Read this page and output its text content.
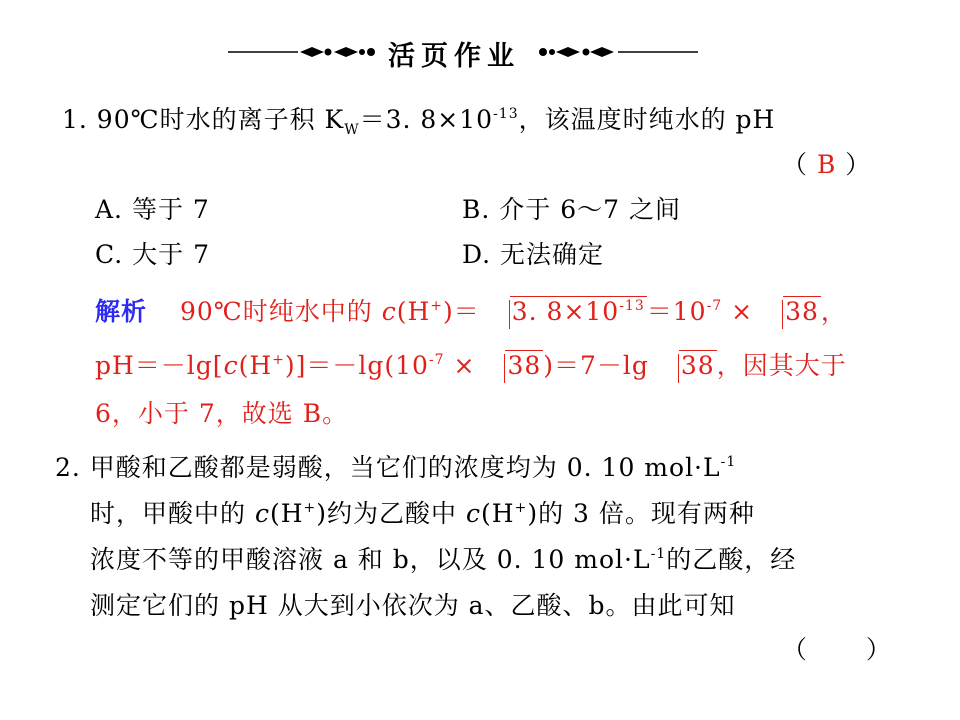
活页作业
1. 90℃时水的离子积 $K_W=3$. $8\times 10^{-13}$，该温度时纯水的 pH
（ B ）
A. 等于 7	B. 介于 6～7 之间
C. 大于 7	D. 无法确定
解析 90℃时纯水中的 c(H+)＝ 3. $8\times 10^{-13}=10^{-7} \times 38$，
$pH=-\lg[c(H^+)]=-\lg(10^{-7} \times 38)=7-\lg$ 38，因其大于
6，小于 7，故选 B。
2. 甲酸和乙酸都是弱酸，当它们的浓度均为 0. 10 $mol\cdot L^{-1}$
时，甲酸中的 c(H+)约为乙酸中 c(H+)的 3 倍。现有两种
浓度不等的甲酸溶液 a 和 b，以及 0. 10 $mol\cdot L^{-1}$的乙酸，经
测定它们的 pH 从大到小依次为 a、乙酸、b。由此可知
（ ）
